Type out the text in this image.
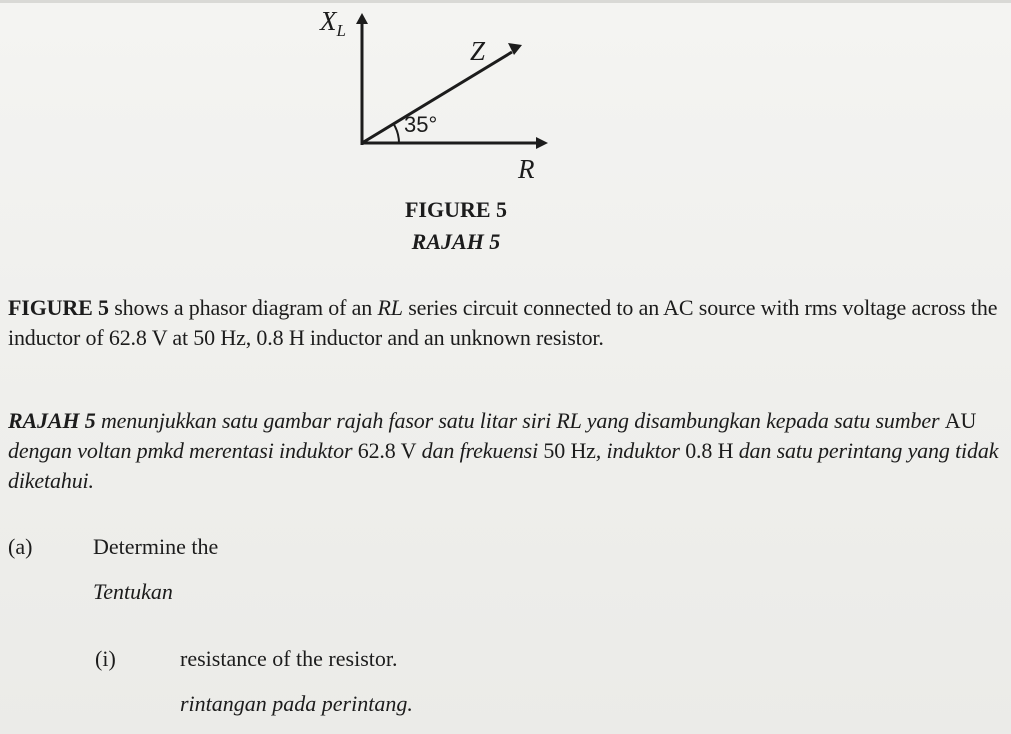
$X_L$
Z
35°
R

FIGURE 5

RAJAH 5

FIGURE 5 shows a phasor diagram of an RL series circuit connected to an AC source with rms voltage across the inductor of 62.8 V at 50 Hz, 0.8 H inductor and an unknown resistor.

RAJAH 5 menunjukkan satu gambar rajah fasor satu litar siri RL yang disambungkan kepada satu sumber AU dengan voltan pmkd merentasi induktor 62.8 V dan frekuensi 50 Hz, induktor 0.8 H dan satu perintang yang tidak diketahui.

(a)	Determine the

Tentukan

(i)	resistance of the resistor.

rintangan pada perintang.
